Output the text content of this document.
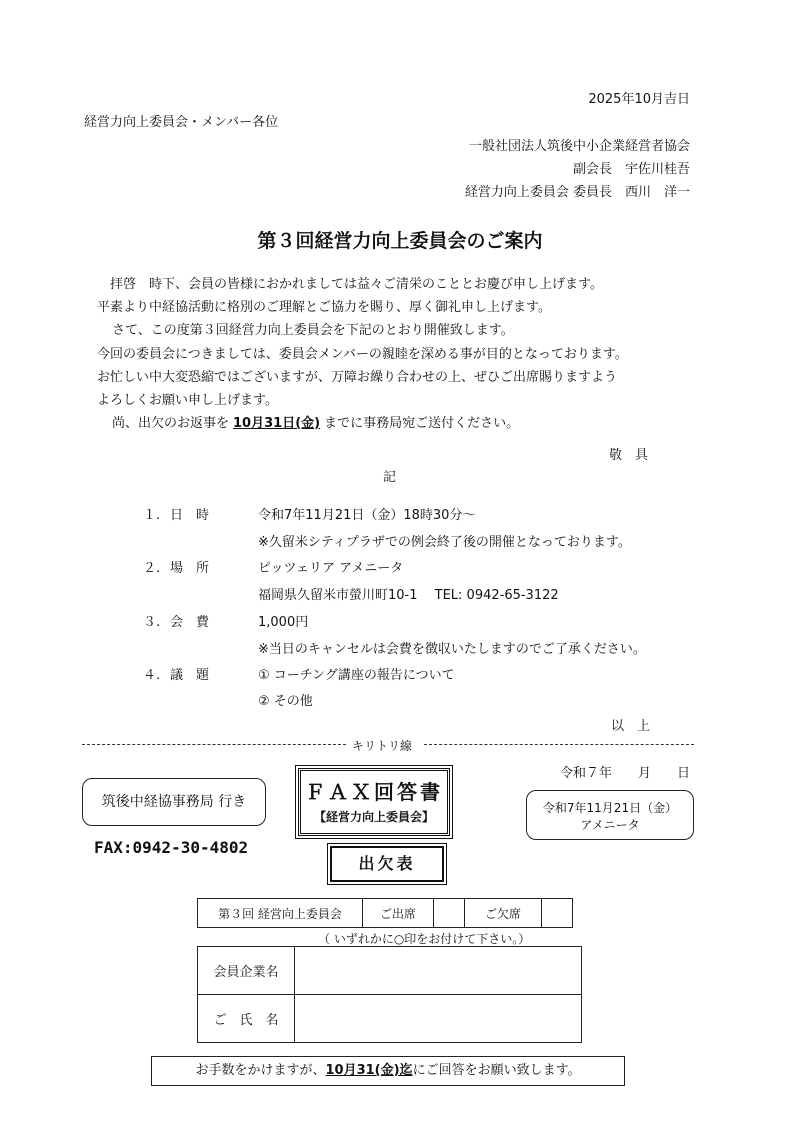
2025年10月吉日
経営力向上委員会・メンバー各位
一般社団法人筑後中小企業経営者協会
副会長　宇佐川桂吾
経営力向上委員会 委員長　西川　洋一
第３回経営力向上委員会のご案内
拝啓　時下、会員の皆様におかれましては益々ご清栄のこととお慶び申し上げます。
平素より中経協活動に格別のご理解とご協力を賜り、厚く御礼申し上げます。
さて、この度第３回経営力向上委員会を下記のとおり開催致します。
今回の委員会につきましては、委員会メンバーの親睦を深める事が目的となっております。
お忙しい中大変恐縮ではございますが、万障お繰り合わせの上、ぜひご出席賜りますよう
よろしくお願い申し上げます。
尚、出欠のお返事を 10月31日(金) までに事務局宛ご送付ください。
敬　具
記
１. 日　時	令和7年11月21日（金）18時30分～
※久留米シティプラザでの例会終了後の開催となっております。
２. 場　所	ピッツェリア アメニータ
福岡県久留米市螢川町10-1　 TEL: 0942-65-3122
３. 会　費	1,000円
※当日のキャンセルは会費を徴収いたしますのでご了承ください。
４. 議　題	① コーチング講座の報告について
② その他
以　上
キリトリ線
令和７年　　月　　日
筑後中経協事務局 行き	ＦＡＸ回答書
【経営力向上委員会】
令和7年11月21日（金）
アメニータ
FAX:0942-30-4802
出欠表
第３回 経営向上委員会	ご出席		ご欠席	
（ いずれかに○印をお付けて下さい。）
会員企業名	
ご　氏　名	
お手数をかけますが、10月31(金)迄にご回答をお願い致します。
